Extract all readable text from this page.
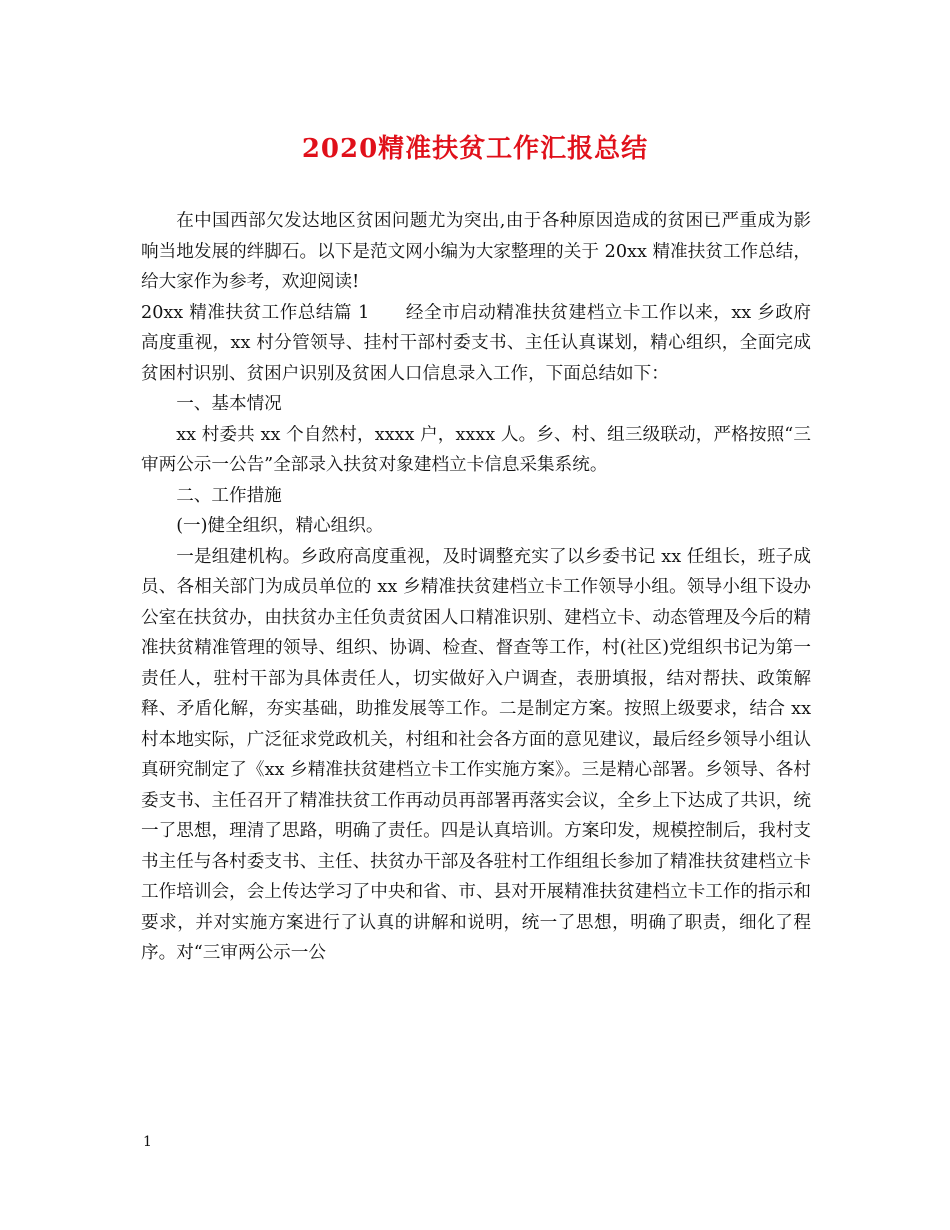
2020精准扶贫工作汇报总结

在中国西部欠发达地区贫困问题尤为突出,由于各种原因造成的贫困已严重成为影响当地发展的绊脚石。以下是范文网小编为大家整理的关于 20xx 精准扶贫工作总结，给大家作为参考，欢迎阅读!

20xx 精准扶贫工作总结篇 1　　经全市启动精准扶贫建档立卡工作以来，xx 乡政府高度重视，xx 村分管领导、挂村干部村委支书、主任认真谋划，精心组织，全面完成贫困村识别、贫困户识别及贫困人口信息录入工作，下面总结如下：

一、基本情况

xx 村委共 xx 个自然村，xxxx 户，xxxx 人。乡、村、组三级联动，严格按照“三审两公示一公告”全部录入扶贫对象建档立卡信息采集系统。

二、工作措施

(一)健全组织，精心组织。

一是组建机构。乡政府高度重视，及时调整充实了以乡委书记 xx 任组长，班子成员、各相关部门为成员单位的 xx 乡精准扶贫建档立卡工作领导小组。领导小组下设办公室在扶贫办，由扶贫办主任负责贫困人口精准识别、建档立卡、动态管理及今后的精准扶贫精准管理的领导、组织、协调、检查、督查等工作，村(社区)党组织书记为第一责任人，驻村干部为具体责任人，切实做好入户调查，表册填报，结对帮扶、政策解释、矛盾化解，夯实基础，助推发展等工作。二是制定方案。按照上级要求，结合 xx 村本地实际，广泛征求党政机关，村组和社会各方面的意见建议，最后经乡领导小组认真研究制定了《xx 乡精准扶贫建档立卡工作实施方案》。三是精心部署。乡领导、各村委支书、主任召开了精准扶贫工作再动员再部署再落实会议，全乡上下达成了共识，统一了思想，理清了思路，明确了责任。四是认真培训。方案印发，规模控制后，我村支书主任与各村委支书、主任、扶贫办干部及各驻村工作组组长参加了精准扶贫建档立卡工作培训会，会上传达学习了中央和省、市、县对开展精准扶贫建档立卡工作的指示和要求，并对实施方案进行了认真的讲解和说明，统一了思想，明确了职责，细化了程序。对“三审两公示一公

1
